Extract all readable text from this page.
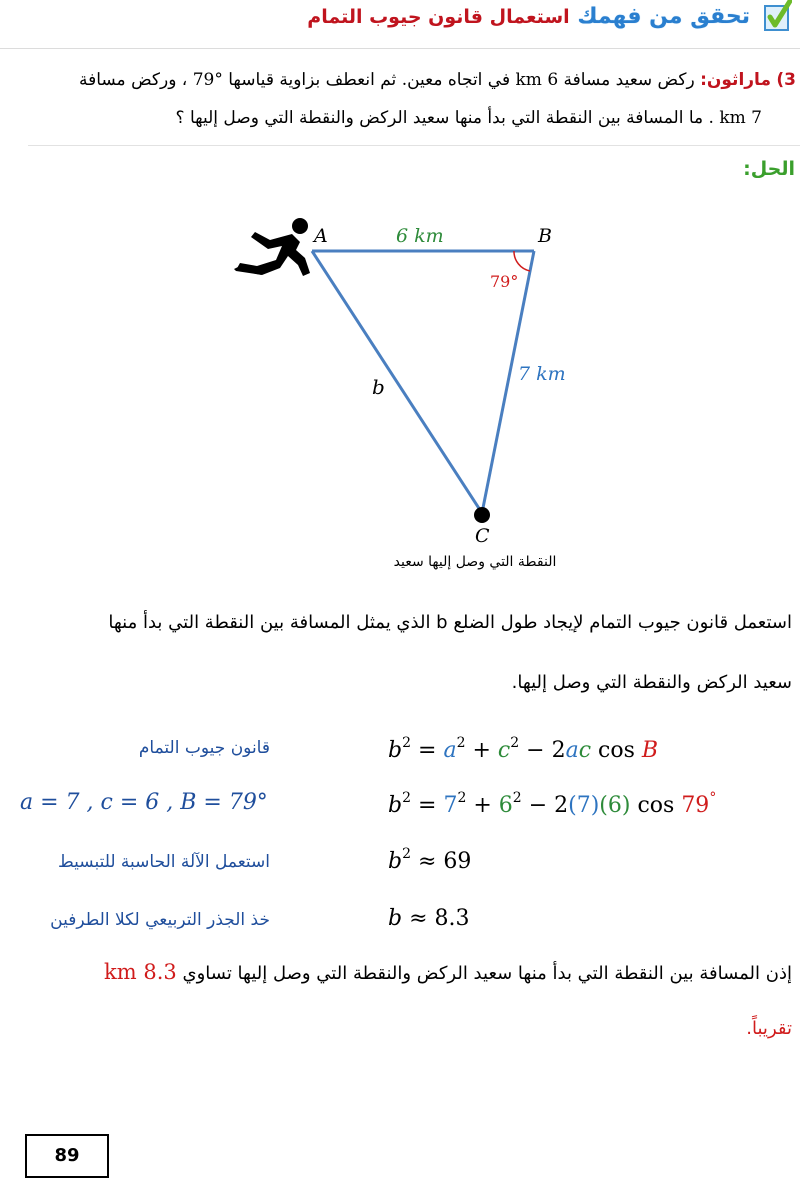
تحقق من فهمك استعمال قانون جيوب التمام
3) ماراثون: ركض سعيد مسافة 6 km في اتجاه معين. ثم انعطف بزاوية قياسها °79 ، وركض مسافة
7 km . ما المسافة بين النقطة التي بدأ منها سعيد الركض والنقطة التي وصل إليها ؟
الحل:
A	B
C
6 km
7 km
b
79°
النقطة التي وصل إليها سعيد
استعمل قانون جيوب التمام لإيجاد طول الضلع b الذي يمثل المسافة بين النقطة التي بدأ منها
سعيد الركض والنقطة التي وصل إليها.
$b^2 = a^2 + c^2 - 2ac$ cos B
قانون جيوب التمام
$b^2 = 7^2 + 6^2 - 2(7)(6)$ cos 79°
a = 7 , c = 6 , B = 79°
$b^2 \approx 69$
استعمل الآلة الحاسبة للتبسيط
b ≈ 8.3
خذ الجذر التربيعي لكلا الطرفين
إذن المسافة بين النقطة التي بدأ منها سعيد الركض والنقطة التي وصل إليها تساوي 8.3 km
تقريباً.
89
